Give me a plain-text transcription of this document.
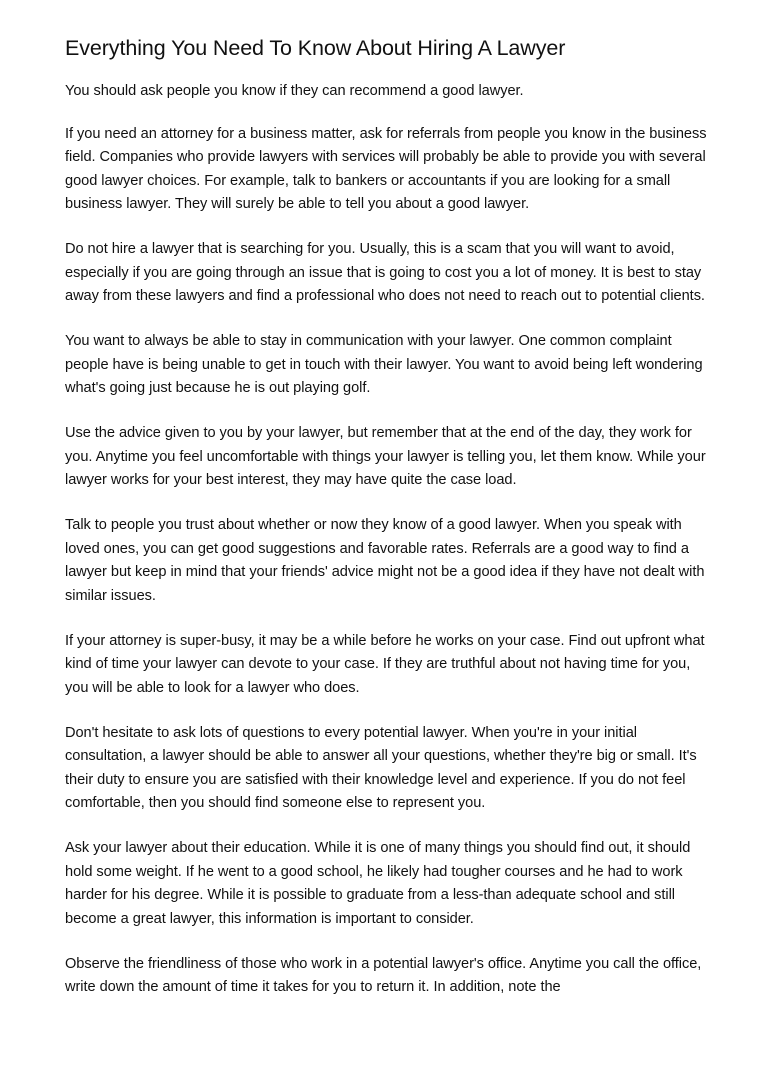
Everything You Need To Know About Hiring A Lawyer

You should ask people you know if they can recommend a good lawyer.

If you need an attorney for a business matter, ask for referrals from people you know in the business field. Companies who provide lawyers with services will probably be able to provide you with several good lawyer choices. For example, talk to bankers or accountants if you are looking for a small business lawyer. They will surely be able to tell you about a good lawyer.

Do not hire a lawyer that is searching for you. Usually, this is a scam that you will want to avoid, especially if you are going through an issue that is going to cost you a lot of money. It is best to stay away from these lawyers and find a professional who does not need to reach out to potential clients.

You want to always be able to stay in communication with your lawyer. One common complaint people have is being unable to get in touch with their lawyer. You want to avoid being left wondering what's going just because he is out playing golf.

Use the advice given to you by your lawyer, but remember that at the end of the day, they work for you. Anytime you feel uncomfortable with things your lawyer is telling you, let them know. While your lawyer works for your best interest, they may have quite the case load.

Talk to people you trust about whether or now they know of a good lawyer. When you speak with loved ones, you can get good suggestions and favorable rates. Referrals are a good way to find a lawyer but keep in mind that your friends' advice might not be a good idea if they have not dealt with similar issues.

If your attorney is super-busy, it may be a while before he works on your case. Find out upfront what kind of time your lawyer can devote to your case. If they are truthful about not having time for you, you will be able to look for a lawyer who does.

Don't hesitate to ask lots of questions to every potential lawyer. When you're in your initial consultation, a lawyer should be able to answer all your questions, whether they're big or small. It's their duty to ensure you are satisfied with their knowledge level and experience. If you do not feel comfortable, then you should find someone else to represent you.

Ask your lawyer about their education. While it is one of many things you should find out, it should hold some weight. If he went to a good school, he likely had tougher courses and he had to work harder for his degree. While it is possible to graduate from a less-than adequate school and still become a great lawyer, this information is important to consider.

Observe the friendliness of those who work in a potential lawyer's office. Anytime you call the office, write down the amount of time it takes for you to return it. In addition, note the
